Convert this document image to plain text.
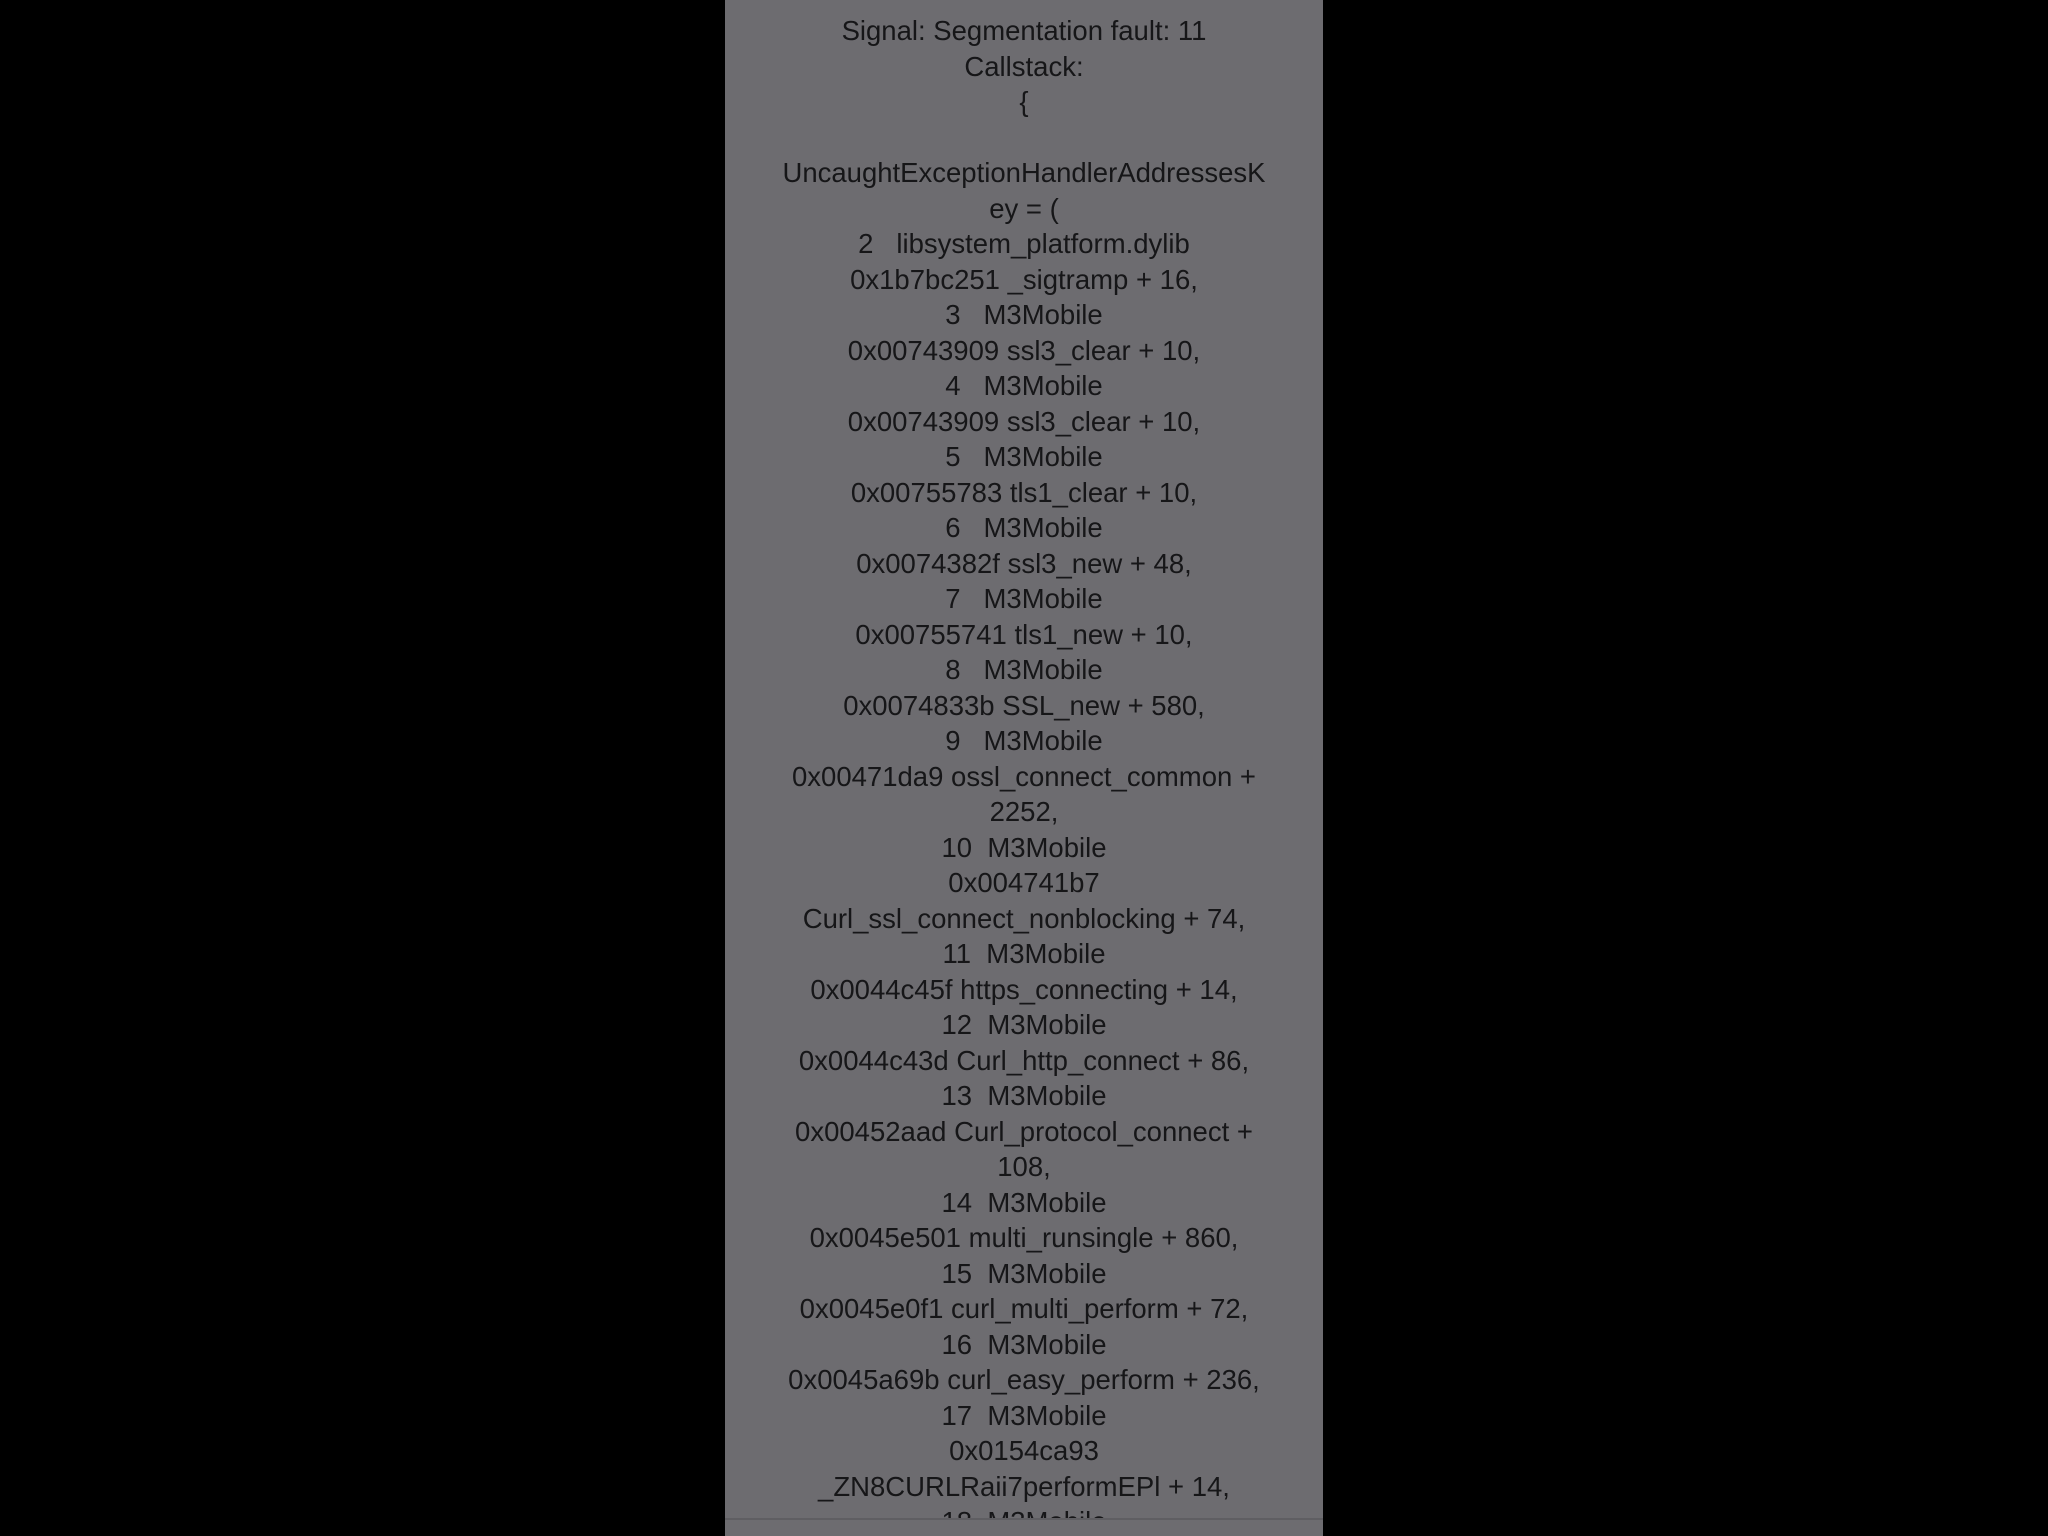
Signal: Segmentation fault: 11
Callstack:
{
UncaughtExceptionHandlerAddressesK
ey = (
2   libsystem_platform.dylib
0x1b7bc251 _sigtramp + 16,
3   M3Mobile
0x00743909 ssl3_clear + 10,
4   M3Mobile
0x00743909 ssl3_clear + 10,
5   M3Mobile
0x00755783 tls1_clear + 10,
6   M3Mobile
0x0074382f ssl3_new + 48,
7   M3Mobile
0x00755741 tls1_new + 10,
8   M3Mobile
0x0074833b SSL_new + 580,
9   M3Mobile
0x00471da9 ossl_connect_common +
2252,
10  M3Mobile
0x004741b7
Curl_ssl_connect_nonblocking + 74,
11  M3Mobile
0x0044c45f https_connecting + 14,
12  M3Mobile
0x0044c43d Curl_http_connect + 86,
13  M3Mobile
0x00452aad Curl_protocol_connect +
108,
14  M3Mobile
0x0045e501 multi_runsingle + 860,
15  M3Mobile
0x0045e0f1 curl_multi_perform + 72,
16  M3Mobile
0x0045a69b curl_easy_perform + 236,
17  M3Mobile
0x0154ca93
_ZN8CURLRaii7performEPl + 14,
